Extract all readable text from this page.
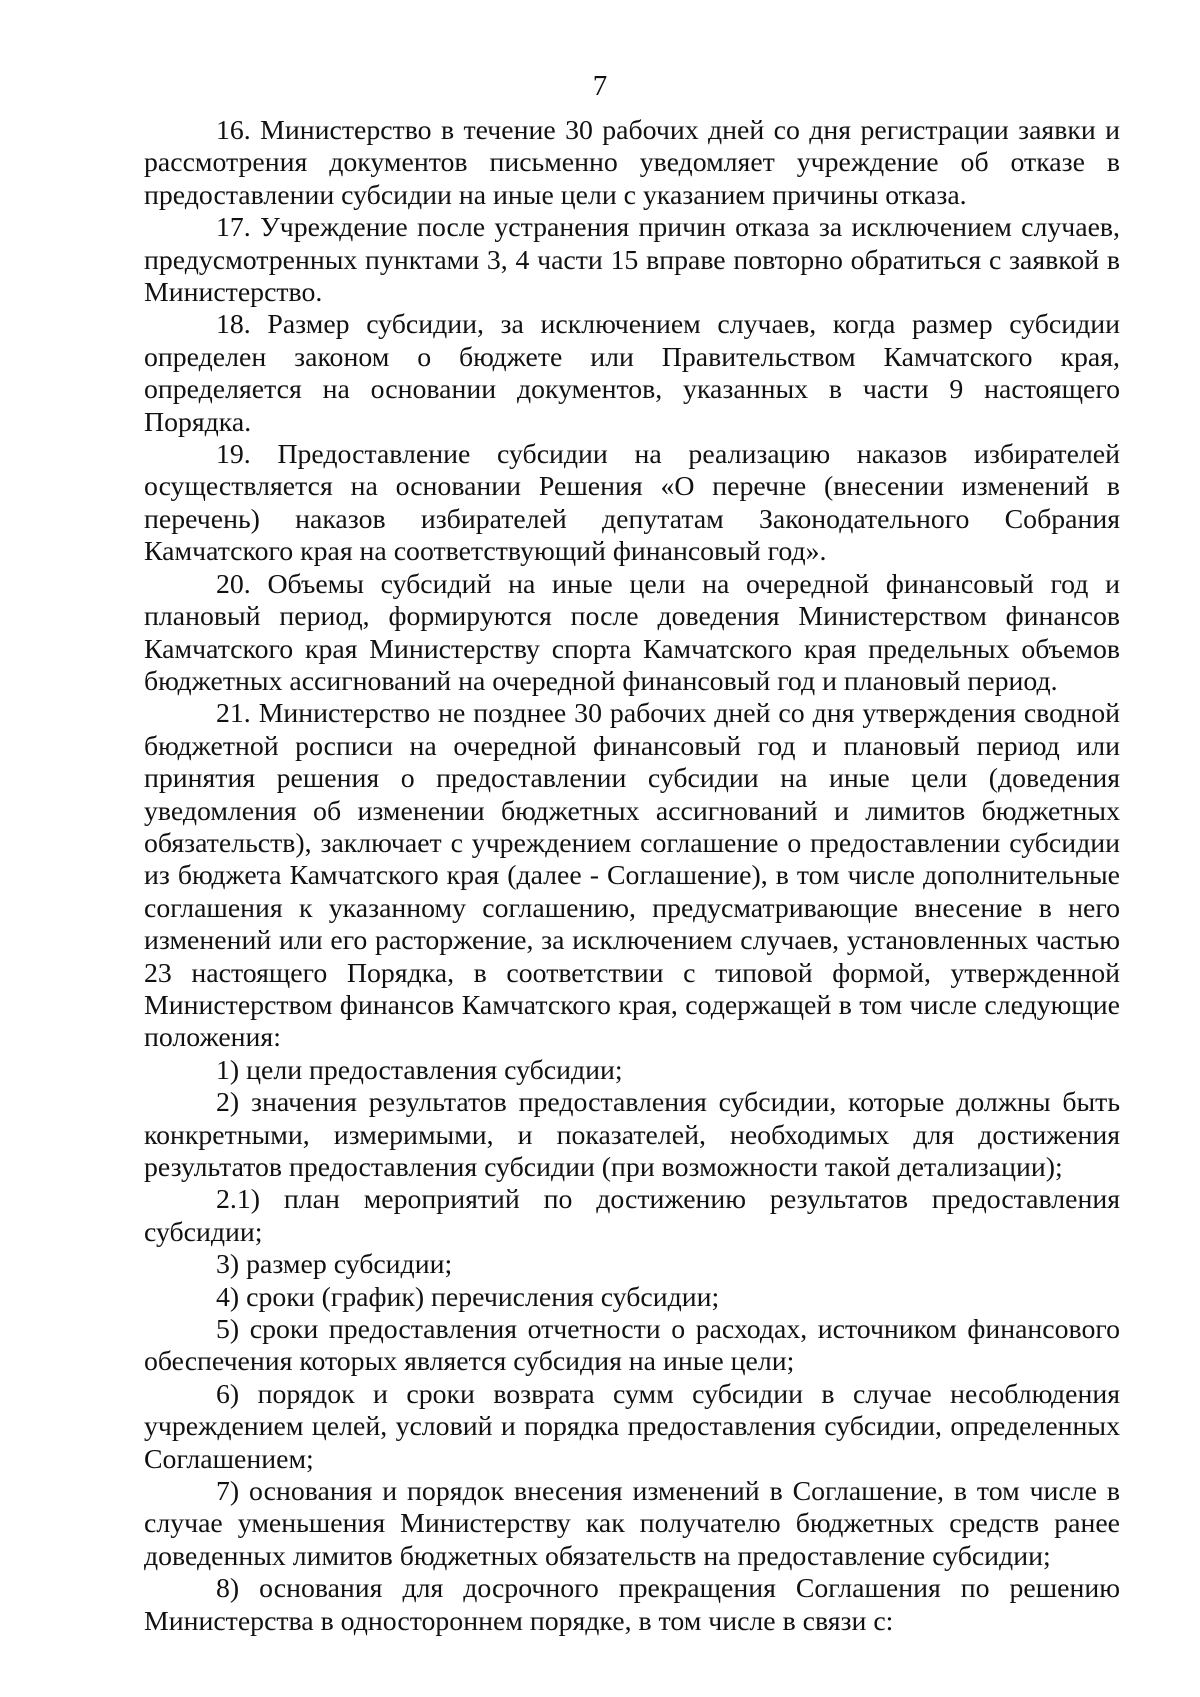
7

16. Министерство в течение 30 рабочих дней со дня регистрации заявки и рассмотрения документов письменно уведомляет учреждение об отказе в предоставлении субсидии на иные цели с указанием причины отказа.

17. Учреждение после устранения причин отказа за исключением случаев, предусмотренных пунктами 3, 4 части 15 вправе повторно обратиться с заявкой в Министерство.

18. Размер субсидии, за исключением случаев, когда размер субсидии определен законом о бюджете или Правительством Камчатского края, определяется на основании документов, указанных в части 9 настоящего Порядка.

19. Предоставление субсидии на реализацию наказов избирателей осуществляется на основании Решения «О перечне (внесении изменений в перечень) наказов избирателей депутатам Законодательного Собрания Камчатского края на соответствующий финансовый год».

20. Объемы субсидий на иные цели на очередной финансовый год и плановый период, формируются после доведения Министерством финансов Камчатского края Министерству спорта Камчатского края предельных объемов бюджетных ассигнований на очередной финансовый год и плановый период.

21. Министерство не позднее 30 рабочих дней со дня утверждения сводной бюджетной росписи на очередной финансовый год и плановый период или принятия решения о предоставлении субсидии на иные цели (доведения уведомления об изменении бюджетных ассигнований и лимитов бюджетных обязательств), заключает с учреждением соглашение о предоставлении субсидии из бюджета Камчатского края (далее - Соглашение), в том числе дополнительные соглашения к указанному соглашению, предусматривающие внесение в него изменений или его расторжение, за исключением случаев, установленных частью 23 настоящего Порядка, в соответствии с типовой формой, утвержденной Министерством финансов Камчатского края, содержащей в том числе следующие положения:

1) цели предоставления субсидии;

2) значения результатов предоставления субсидии, которые должны быть конкретными, измеримыми, и показателей, необходимых для достижения результатов предоставления субсидии (при возможности такой детализации);

2.1) план мероприятий по достижению результатов предоставления субсидии;

3) размер субсидии;

4) сроки (график) перечисления субсидии;

5) сроки предоставления отчетности о расходах, источником финансового обеспечения которых является субсидия на иные цели;

6) порядок и сроки возврата сумм субсидии в случае несоблюдения учреждением целей, условий и порядка предоставления субсидии, определенных Соглашением;

7) основания и порядок внесения изменений в Соглашение, в том числе в случае уменьшения Министерству как получателю бюджетных средств ранее доведенных лимитов бюджетных обязательств на предоставление субсидии;

8) основания для досрочного прекращения Соглашения по решению Министерства в одностороннем порядке, в том числе в связи с:
